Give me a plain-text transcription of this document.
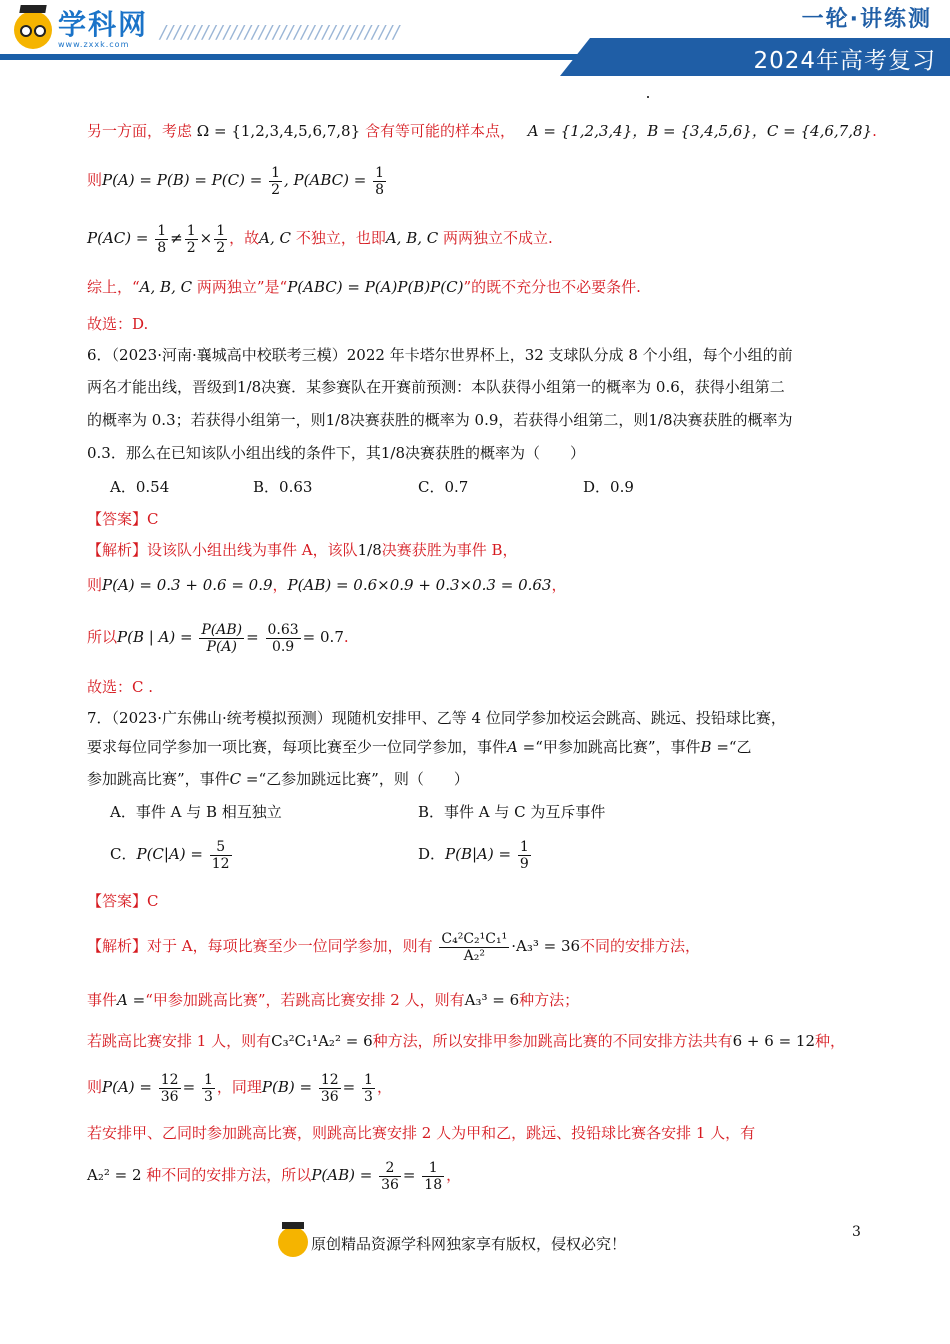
学科网
www.zxxk.com
//////////////////////////////////
一轮·讲练测
2024年高考复习
另一方面，考虑 Ω = {1,2,3,4,5,6,7,8} 含有等可能的样本点， A = {1,2,3,4}，B = {3,4,5,6}，C = {4,6,7,8}.
则$P(A) = P(B) = P(C) = \frac{1}{2}$ , $P(ABC) = \frac{1}{8}$
$P(AC) = \frac{1}{8} \ne \frac{1}{2} \times \frac{1}{2}$ ，故A, C 不独立，也即A, B, C 两两独立不成立.
综上，“A, B, C 两两独立”是“P(ABC) = P(A)P(B)P(C)”的既不充分也不必要条件.
故选：D.
6．（2023·河南·襄城高中校联考三模）2022 年卡塔尔世界杯上，32 支球队分成 8 个小组，每个小组的前
两名才能出线，晋级到1/8决赛．某参赛队在开赛前预测：本队获得小组第一的概率为 0.6，获得小组第二
的概率为 0.3；若获得小组第一，则1/8决赛获胜的概率为 0.9，若获得小组第二，则1/8决赛获胜的概率为
0.3．那么在已知该队小组出线的条件下，其1/8决赛获胜的概率为（　　）
A．0.54	B．0.63	C．0.7	D．0.9
【答案】C
【解析】设该队小组出线为事件 A，该队1/8决赛获胜为事件 B，
则P(A) = 0.3 + 0.6 = 0.9，P(AB) = 0.6×0.9 + 0.3×0.3 = 0.63，
所以P(B | $A) = \frac{P(AB)}{P(A)} = \frac{0.63}{0.9} = 0.7$.
故选：C .
7．（2023·广东佛山·统考模拟预测）现随机安排甲、乙等 4 位同学参加校运会跳高、跳远、投铅球比赛，
要求每位同学参加一项比赛，每项比赛至少一位同学参加，事件A =“甲参加跳高比赛”，事件B =“乙
参加跳高比赛”，事件C =“乙参加跳远比赛”，则（　　）
A．事件 A 与 B 相互独立	B．事件 A 与 C 为互斥事件
C．$P(C|A) = \frac{5}{12}$	D．$P(B|A) = \frac{1}{9}$
【答案】C
【解析】对于 A，每项比赛至少一位同学参加，则有 $\frac{\text{C₄²C₂¹C₁¹}}{\text{A₂²}} \cdot A_3^3 = 36$不同的安排方法，
事件A =“甲参加跳高比赛”，若跳高比赛安排 2 人，则有A₃³ = 6种方法；
若跳高比赛安排 1 人，则有C₃²C₁¹A₂² = 6种方法，所以安排甲参加跳高比赛的不同安排方法共有6 + 6 = 12种，
则$P(A) = \frac{12}{36} = \frac{1}{3}$ ，同理$P(B) = \frac{12}{36} = \frac{1}{3}$ ，
若安排甲、乙同时参加跳高比赛，则跳高比赛安排 2 人为甲和乙，跳远、投铅球比赛各安排 1 人，有
A₂² = 2 种不同的安排方法，所以$P(AB) = \frac{2}{36} = \frac{1}{18}$ ，
原创精品资源学科网独家享有版权，侵权必究！
3
